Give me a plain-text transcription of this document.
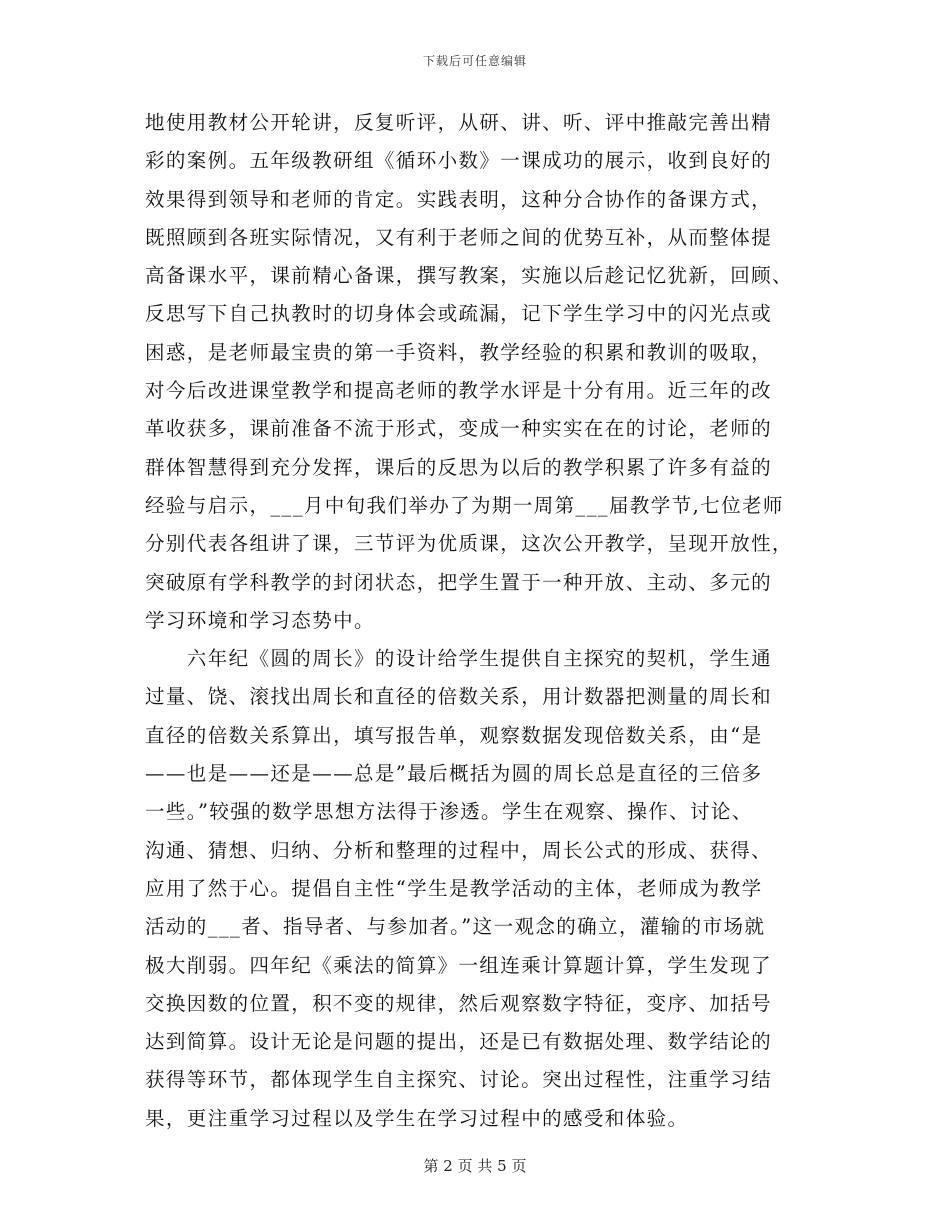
下载后可任意编辑
地使用教材公开轮讲，反复听评，从研、讲、听、评中推敲完善出精
彩的案例。五年级教研组《循环小数》一课成功的展示，收到良好的
效果得到领导和老师的肯定。实践表明，这种分合协作的备课方式，
既照顾到各班实际情况，又有利于老师之间的优势互补，从而整体提
高备课水平，课前精心备课，撰写教案，实施以后趁记忆犹新，回顾、
反思写下自己执教时的切身体会或疏漏，记下学生学习中的闪光点或
困惑，是老师最宝贵的第一手资料，教学经验的积累和教训的吸取，
对今后改进课堂教学和提高老师的教学水评是十分有用。近三年的改
革收获多，课前准备不流于形式，变成一种实实在在的讨论，老师的
群体智慧得到充分发挥，课后的反思为以后的教学积累了许多有益的
经验与启示，___月中旬我们举办了为期一周第___届教学节,七位老师
分别代表各组讲了课，三节评为优质课，这次公开教学，呈现开放性，
突破原有学科教学的封闭状态，把学生置于一种开放、主动、多元的
学习环境和学习态势中。
　　六年纪《圆的周长》的设计给学生提供自主探究的契机，学生通
过量、饶、滚找出周长和直径的倍数关系，用计数器把测量的周长和
直径的倍数关系算出，填写报告单，观察数据发现倍数关系，由“是
——也是——还是——总是”最后概括为圆的周长总是直径的三倍多
一些。”较强的数学思想方法得于渗透。学生在观察、操作、讨论、
沟通、猜想、归纳、分析和整理的过程中，周长公式的形成、获得、
应用了然于心。提倡自主性“学生是教学活动的主体，老师成为教学
活动的___者、指导者、与参加者。”这一观念的确立，灌输的市场就
极大削弱。四年纪《乘法的简算》一组连乘计算题计算，学生发现了
交换因数的位置，积不变的规律，然后观察数字特征，变序、加括号
达到简算。设计无论是问题的提出，还是已有数据处理、数学结论的
获得等环节，都体现学生自主探究、讨论。突出过程性，注重学习结
果，更注重学习过程以及学生在学习过程中的感受和体验。
第 2 页 共 5 页
